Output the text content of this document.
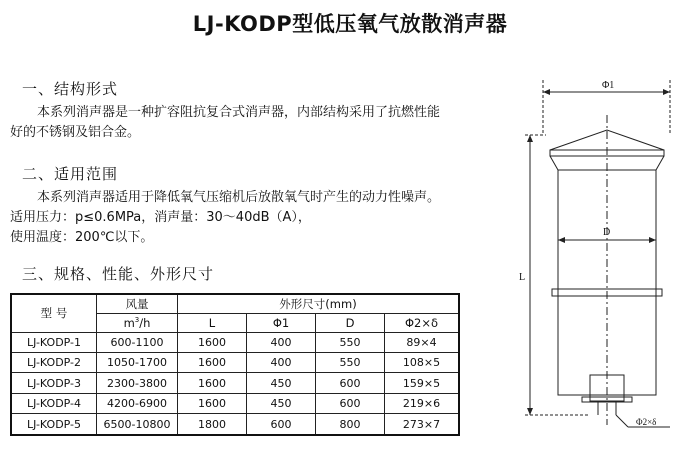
LJ-KODP型低压氧气放散消声器
一、结构形式
本系列消声器是一种扩容阻抗复合式消声器，内部结构采用了抗燃性能好的不锈钢及铝合金。
二、适用范围
本系列消声器适用于降低氧气压缩机后放散氧气时产生的动力性噪声。适用压力：p≤0.6MPa，消声量：30～40dB（A），
使用温度：200℃以下。
三、规格、性能、外形尺寸
型 号	风量	外形尺寸(mm)			
	$m^3/h$	L	Φ1	D	Φ2×δ
LJ-KODP-1	600-1100	1600	400	550	89×4
LJ-KODP-2	1050-1700	1600	400	550	108×5
LJ-KODP-3	2300-3800	1600	450	600	159×5
LJ-KODP-4	4200-6900	1600	450	600	219×6
LJ-KODP-5	6500-10800	1800	600	800	273×7
Φ1
D
L
Φ2×δ
